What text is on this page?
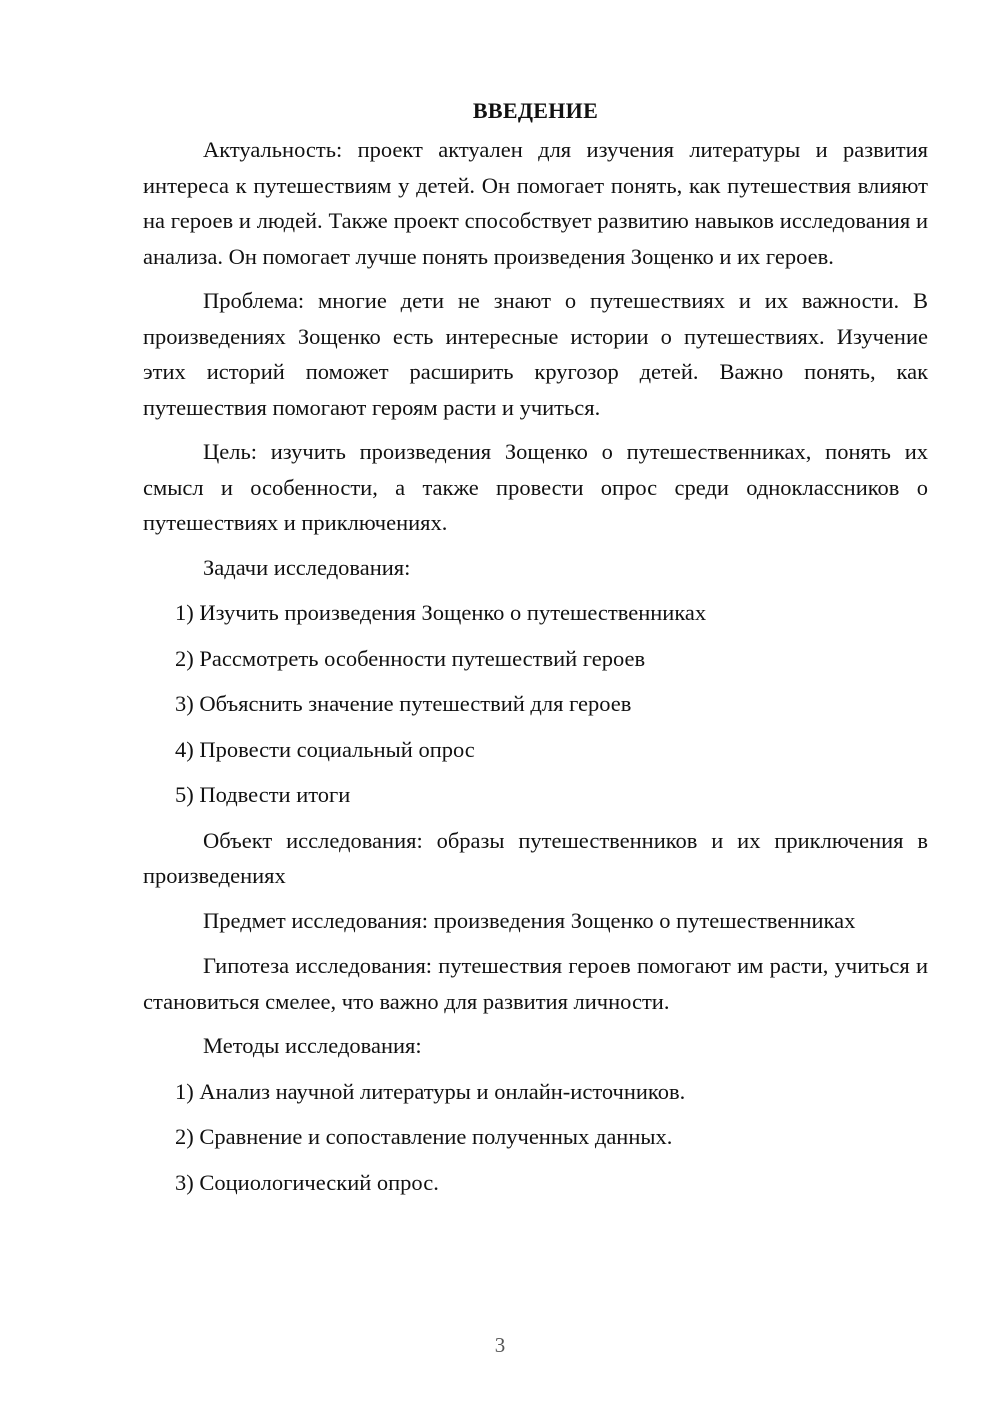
ВВЕДЕНИЕ

Актуальность: проект актуален для изучения литературы и развития интереса к путешествиям у детей. Он помогает понять, как путешествия влияют на героев и людей. Также проект способствует развитию навыков исследования и анализа. Он помогает лучше понять произведения Зощенко и их героев.

Проблема: многие дети не знают о путешествиях и их важности. В произведениях Зощенко есть интересные истории о путешествиях. Изучение этих историй поможет расширить кругозор детей. Важно понять, как путешествия помогают героям расти и учиться.

Цель: изучить произведения Зощенко о путешественниках, понять их смысл и особенности, а также провести опрос среди одноклассников о путешествиях и приключениях.

Задачи исследования:

1) Изучить произведения Зощенко о путешественниках
2) Рассмотреть особенности путешествий героев
3) Объяснить значение путешествий для героев
4) Провести социальный опрос
5) Подвести итоги

Объект исследования: образы путешественников и их приключения в произведениях

Предмет исследования: произведения Зощенко о путешественниках

Гипотеза исследования: путешествия героев помогают им расти, учиться и становиться смелее, что важно для развития личности.

Методы исследования:

1) Анализ научной литературы и онлайн-источников.
2) Сравнение и сопоставление полученных данных.
3) Социологический опрос.
3
